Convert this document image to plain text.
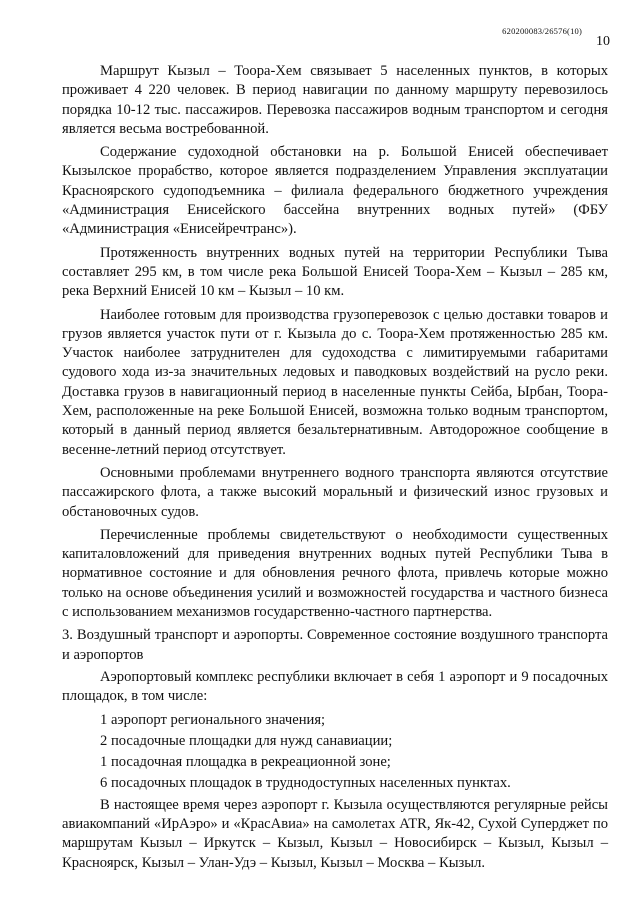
620200083/26576(10)
10

Маршрут Кызыл – Тоора-Хем связывает 5 населенных пунктов, в которых проживает 4 220 человек. В период навигации по данному маршруту перевозилось порядка 10-12 тыс. пассажиров. Перевозка пассажиров водным транспортом и сегодня является весьма востребованной.

Содержание судоходной обстановки на р. Большой Енисей обеспечивает Кызылское прорабство, которое является подразделением Управления эксплуатации Красноярского судоподъемника – филиала федерального бюджетного учреждения «Администрация Енисейского бассейна внутренних водных путей» (ФБУ «Администрация «Енисейречтранс»).

Протяженность внутренних водных путей на территории Республики Тыва составляет 295 км, в том числе река Большой Енисей Тоора-Хем – Кызыл – 285 км, река Верхний Енисей 10 км – Кызыл – 10 км.

Наиболее готовым для производства грузоперевозок с целью доставки товаров и грузов является участок пути от г. Кызыла до с. Тоора-Хем протяженностью 285 км. Участок наиболее затруднителен для судоходства с лимитируемыми габаритами судового хода из-за значительных ледовых и паводковых воздействий на русло реки. Доставка грузов в навигационный период в населенные пункты Сейба, Ырбан, Тоора-Хем, расположенные на реке Большой Енисей, возможна только водным транспортом, который в данный период является безальтернативным. Автодорожное сообщение в весенне-летний период отсутствует.

Основными проблемами внутреннего водного транспорта являются отсутствие пассажирского флота, а также высокий моральный и физический износ грузовых и обстановочных судов.

Перечисленные проблемы свидетельствуют о необходимости существенных капиталовложений для приведения внутренних водных путей Республики Тыва в нормативное состояние и для обновления речного флота, привлечь которые можно только на основе объединения усилий и возможностей государства и частного бизнеса с использованием механизмов государственно-частного партнерства.

3. Воздушный транспорт и аэропорты. Современное состояние воздушного транспорта и аэропортов

Аэропортовый комплекс республики включает в себя 1 аэропорт и 9 посадочных площадок, в том числе:

1 аэропорт регионального значения;

2 посадочные площадки для нужд санавиации;

1 посадочная площадка в рекреационной зоне;

6 посадочных площадок в труднодоступных населенных пунктах.

В настоящее время через аэропорт г. Кызыла осуществляются регулярные рейсы авиакомпаний «ИрАэро» и «КрасАвиа» на самолетах ATR, Як-42, Сухой Суперджет по маршрутам Кызыл – Иркутск – Кызыл, Кызыл – Новосибирск – Кызыл, Кызыл – Красноярск, Кызыл – Улан-Удэ – Кызыл, Кызыл – Москва – Кызыл.
